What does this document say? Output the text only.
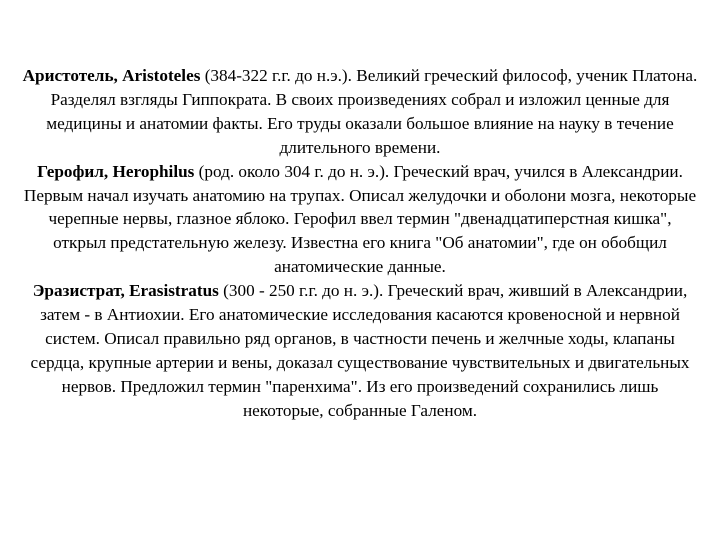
Аристотель, Aristoteles (384-322 г.г. до н.э.). Великий греческий философ, ученик Платона. Разделял взгляды Гиппократа. В своих произведениях собрал и изложил ценные для медицины и анатомии факты. Его труды оказали большое влияние на науку в течение длительного времени.

Герофил, Herophilus (род. около 304 г. до н. э.). Греческий врач, учился в Александрии. Первым начал изучать анатомию на трупах. Описал желудочки и оболони мозга, некоторые черепные нервы, глазное яблоко. Герофил ввел термин "двенадцатиперстная кишка", открыл предстательную железу. Известна его книга "Об анатомии", где он обобщил анатомические данные.

Эразистрат, Erasistratus (300 - 250 г.г. до н. э.). Греческий врач, живший в Александрии, затем - в Антиохии. Его анатомические исследования касаются кровеносной и нервной систем. Описал правильно ряд органов, в частности печень и желчные ходы, клапаны сердца, крупные артерии и вены, доказал существование чувствительных и двигательных нервов. Предложил термин "паренхима". Из его произведений сохранились лишь некоторые, собранные Галеном.
